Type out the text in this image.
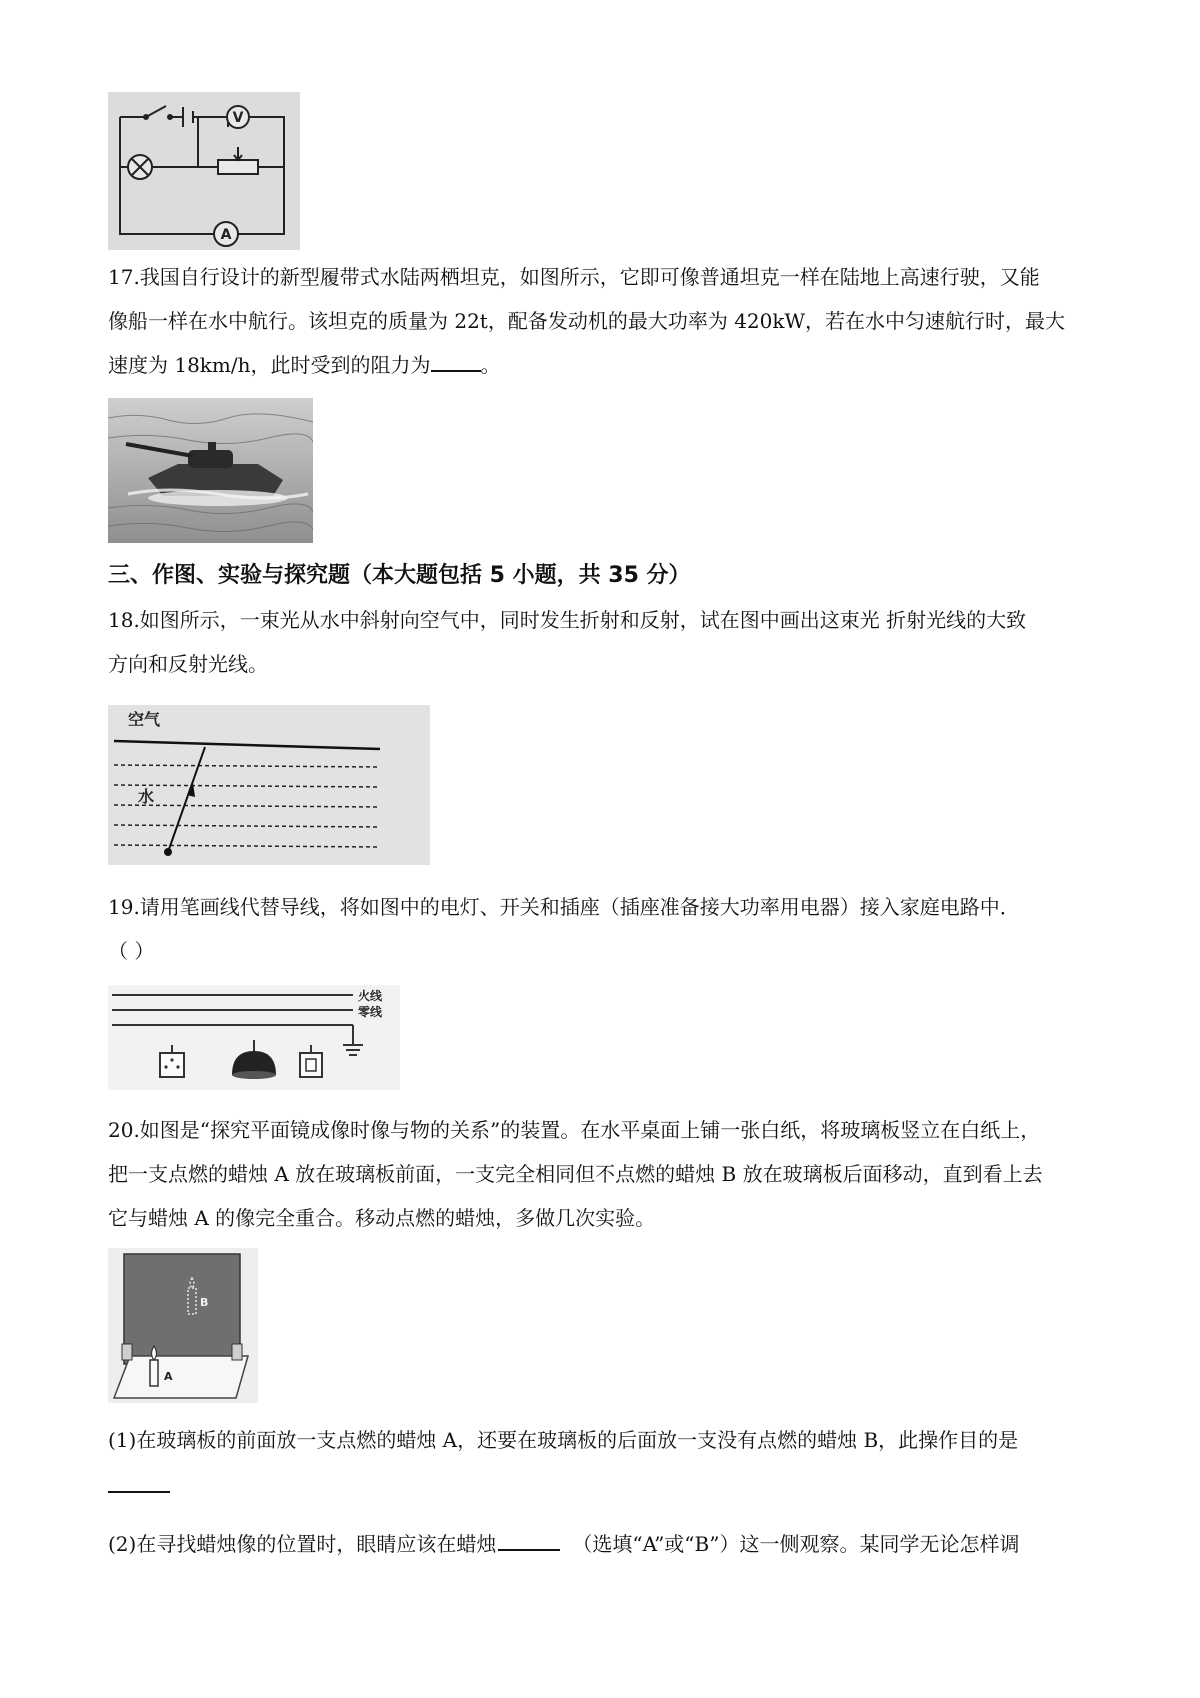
V
A
17.我国自行设计的新型履带式水陆两栖坦克，如图所示，它即可像普通坦克一样在陆地上高速行驶，又能
像船一样在水中航行。该坦克的质量为 22t，配备发动机的最大功率为 420kW，若在水中匀速航行时，最大
速度为 18km/h，此时受到的阻力为	。
三、作图、实验与探究题（本大题包括 5 小题，共 35 分）
18.如图所示，一束光从水中斜射向空气中，同时发生折射和反射，试在图中画出这束光 折射光线的大致
方向和反射光线。
空气
水
19.请用笔画线代替导线，将如图中的电灯、开关和插座（插座准备接大功率用电器）接入家庭电路中．
（ ）
火线
零线
20.如图是“探究平面镜成像时像与物的关系”的装置。在水平桌面上铺一张白纸，将玻璃板竖立在白纸上，
把一支点燃的蜡烛 A 放在玻璃板前面，一支完全相同但不点燃的蜡烛 B 放在玻璃板后面移动，直到看上去
它与蜡烛 A 的像完全重合。移动点燃的蜡烛，多做几次实验。
B
A
(1)在玻璃板的前面放一支点燃的蜡烛 A，还要在玻璃板的后面放一支没有点燃的蜡烛 B，此操作目的是
(2)在寻找蜡烛像的位置时，眼睛应该在蜡烛	（选填“A”或“B”）这一侧观察。某同学无论怎样调
